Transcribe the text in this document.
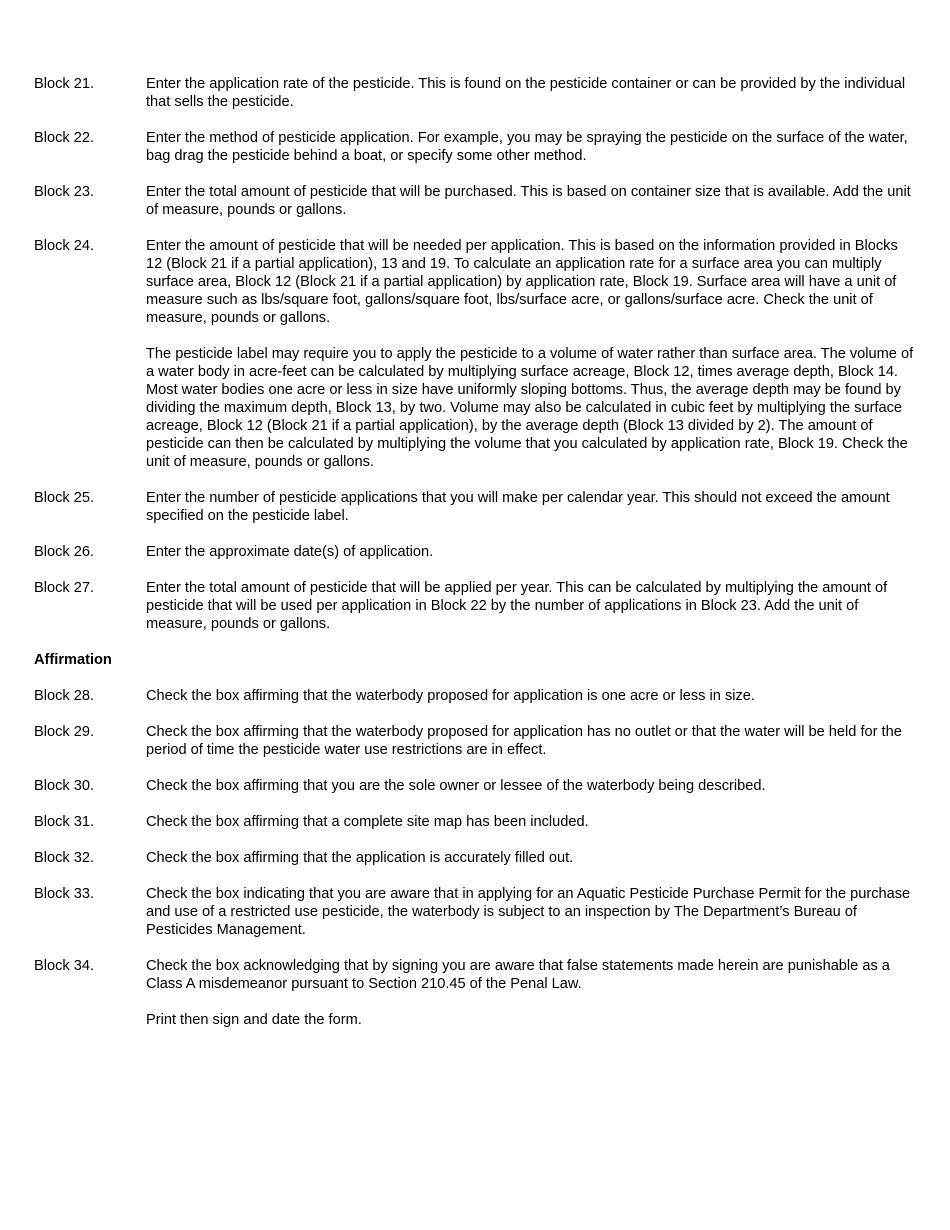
Block 21.	Enter the application rate of the pesticide. This is found on the pesticide container or can be provided by the individual that sells the pesticide.

Block 22.	Enter the method of pesticide application. For example, you may be spraying the pesticide on the surface of the water, bag drag the pesticide behind a boat, or specify some other method.

Block 23.	Enter the total amount of pesticide that will be purchased. This is based on container size that is available. Add the unit of measure, pounds or gallons.

Block 24.	Enter the amount of pesticide that will be needed per application. This is based on the information provided in Blocks 12 (Block 21 if a partial application), 13 and 19. To calculate an application rate for a surface area you can multiply surface area, Block 12 (Block 21 if a partial application) by application rate, Block 19. Surface area will have a unit of measure such as lbs/square foot, gallons/square foot, lbs/surface acre, or gallons/surface acre. Check the unit of measure, pounds or gallons.

The pesticide label may require you to apply the pesticide to a volume of water rather than surface area. The volume of a water body in acre-feet can be calculated by multiplying surface acreage, Block 12, times average depth, Block 14. Most water bodies one acre or less in size have uniformly sloping bottoms. Thus, the average depth may be found by dividing the maximum depth, Block 13, by two. Volume may also be calculated in cubic feet by multiplying the surface acreage, Block 12 (Block 21 if a partial application), by the average depth (Block 13 divided by 2). The amount of pesticide can then be calculated by multiplying the volume that you calculated by application rate, Block 19. Check the unit of measure, pounds or gallons.

Block 25.	Enter the number of pesticide applications that you will make per calendar year. This should not exceed the amount specified on the pesticide label.

Block 26.	Enter the approximate date(s) of application.

Block 27.	Enter the total amount of pesticide that will be applied per year. This can be calculated by multiplying the amount of pesticide that will be used per application in Block 22 by the number of applications in Block 23. Add the unit of measure, pounds or gallons.

Affirmation
Block 28.	Check the box affirming that the waterbody proposed for application is one acre or less in size.

Block 29.	Check the box affirming that the waterbody proposed for application has no outlet or that the water will be held for the period of time the pesticide water use restrictions are in effect.

Block 30.	Check the box affirming that you are the sole owner or lessee of the waterbody being described.

Block 31.	Check the box affirming that a complete site map has been included.

Block 32.	Check the box affirming that the application is accurately filled out.

Block 33.	Check the box indicating that you are aware that in applying for an Aquatic Pesticide Purchase Permit for the purchase and use of a restricted use pesticide, the waterbody is subject to an inspection by The Department’s Bureau of Pesticides Management.

Block 34.	Check the box acknowledging that by signing you are aware that false statements made herein are punishable as a Class A misdemeanor pursuant to Section 210.45 of the Penal Law.

Print then sign and date the form.
